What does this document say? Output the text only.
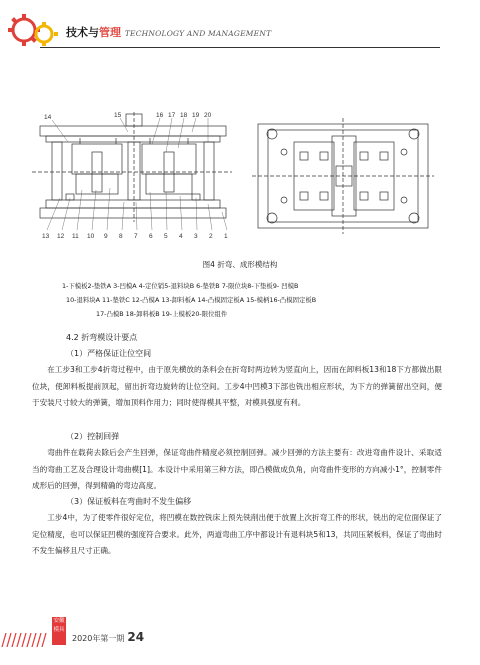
技术与管理 TECHNOLOGY AND MANAGEMENT
14	15	16 17 18 19 20
13 12 11 10 9 8 7 6 5 4 3 2 1
图4 折弯、成形模结构
1-下模板2-垫铁A 3-凹模A 4-定位销5-退料块B 6-垫铁B 7-限位块8-下垫板9- 凹模B
10-退料块A 11-垫铁C 12-凸模A 13-卸料板A 14-凸模固定板A 15-模柄16-凸模固定板B
17-凸模B 18-卸料板B 19-上模板20-限位组件
4.2 折弯模设计要点
（1）严格保证让位空间
在工步3和工步4折弯过程中，由于原先横放的条料会在折弯时两边转为竖直向上，因而在卸料板13和18下方都做出限位块，使卸料板提前顶起，留出折弯边旋转的让位空间。工步4中凹模3下部也铣出相应形状，为下方的弹簧留出空间，便于安装尺寸较大的弹簧，增加顶料作用力；同时使得模具平整，对模具强度有利。
（2）控制回弹
弯曲件在载荷去除后会产生回弹，保证弯曲件精度必须控制回弹。减少回弹的方法主要有：改进弯曲件设计、采取适当的弯曲工艺及合理设计弯曲模[1]。本设计中采用第三种方法，即凸模做成负角，向弯曲件变形的方向减小1°，控制零件成形后的回弹，得到精确的弯边高度。
（3）保证板料在弯曲时不发生偏移
工步4中，为了使零件很好定位，将凹模在数控铣床上预先铣削出便于放置上次折弯工件的形状，铣出的定位面保证了定位精度，也可以保证凹模的强度符合要求。此外，两道弯曲工序中都设计有退料块5和13，共同压紧板料，保证了弯曲时不发生偏移且尺寸正确。
安徽
模具
2020年第一期 24
